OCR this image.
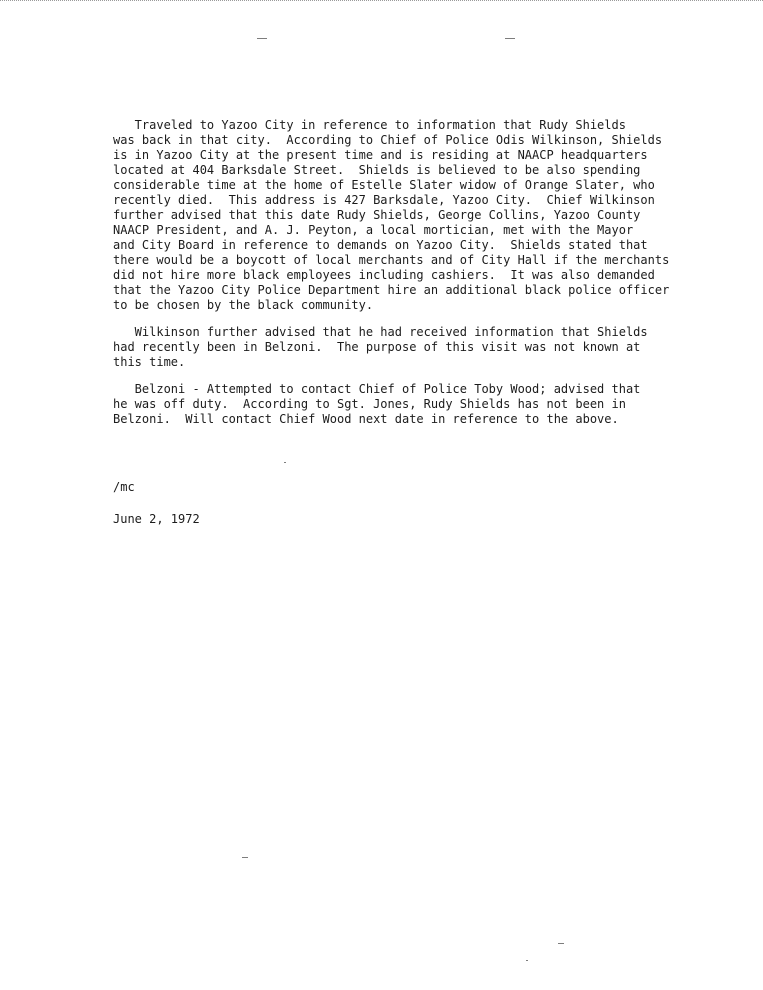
Traveled to Yazoo City in reference to information that Rudy Shields
was back in that city.  According to Chief of Police Odis Wilkinson, Shields
is in Yazoo City at the present time and is residing at NAACP headquarters
located at 404 Barksdale Street.  Shields is believed to be also spending
considerable time at the home of Estelle Slater widow of Orange Slater, who
recently died.  This address is 427 Barksdale, Yazoo City.  Chief Wilkinson
further advised that this date Rudy Shields, George Collins, Yazoo County
NAACP President, and A. J. Peyton, a local mortician, met with the Mayor
and City Board in reference to demands on Yazoo City.  Shields stated that
there would be a boycott of local merchants and of City Hall if the merchants
did not hire more black employees including cashiers.  It was also demanded
that the Yazoo City Police Department hire an additional black police officer
to be chosen by the black community.

Wilkinson further advised that he had received information that Shields
had recently been in Belzoni.  The purpose of this visit was not known at
this time.

Belzoni - Attempted to contact Chief of Police Toby Wood; advised that
he was off duty.  According to Sgt. Jones, Rudy Shields has not been in
Belzoni.  Will contact Chief Wood next date in reference to the above.

/mc
June 2, 1972
